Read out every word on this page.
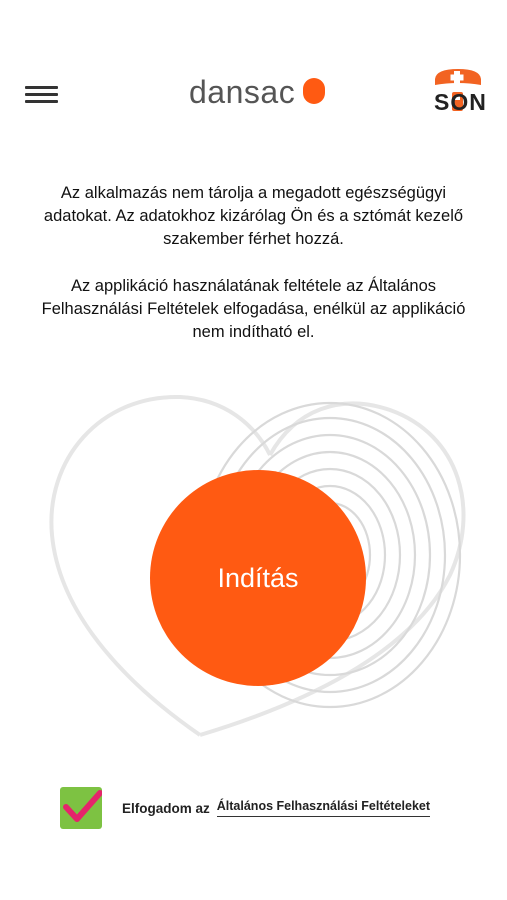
dansac	SON
Az alkalmazás nem tárolja a megadott egészségügyi adatokat. Az adatokhoz kizárólag Ön és a sztómát kezelő szakember férhet hozzá.
Az applikáció használatának feltétele az Általános Felhasználási Feltételek elfogadása, enélkül az applikáció nem indítható el.
Indítás
Elfogadom az Általános Felhasználási Feltételeket
